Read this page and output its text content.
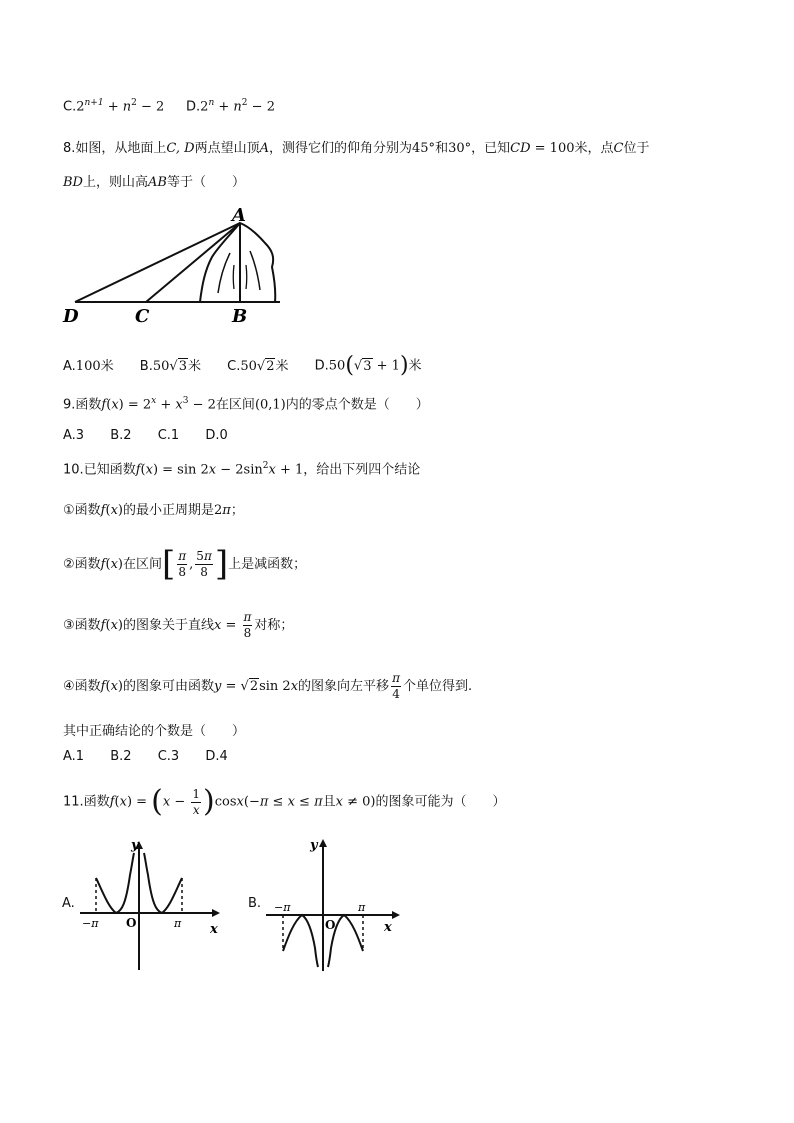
$C.2^{n+1} + n^2 - 2$ $D.2^n + n^2 - 2$
8.如图，从地面上C, D两点望山顶A，测得它们的仰角分别为45°和30°，已知CD = 100米，点C位于
BD上，则山高AB等于（　　）
A
B
C
D
A.100米 B.50√3米 C.50√2米 D.50(√3 + 1)米
9.函数$f(x) = 2^x + x^3 - 2$在区间(0,1)内的零点个数是（　　）
A.3 B.2 C.1 D.0
10.已知函数$f(x) = \sin 2x - 2\sin^2x + 1$，给出下列四个结论
①函数f(x)的最小正周期是2π；
②函数f(x)在区间[ $\frac{\pi}{8}$ , $\frac{5\pi}{8}$ ]上是减函数；
③函数f(x)的图象关于直线$x = \frac{\pi}{8}$ 对称；
④函数f(x)的图象可由函数y = √2sin 2x的图象向左平移 $\frac{\pi}{4}$ 个单位得到.
其中正确结论的个数是（　　）
A.1 B.2 C.3 D.4
11.函数$f(x) = (x - \frac{1}{x} )\cos x(-\pi \le x \le \pi$且x ≠ 0)的图象可能为（　　）
A.
y
x
O
−π	π
B.
y
x
O
−π	π
